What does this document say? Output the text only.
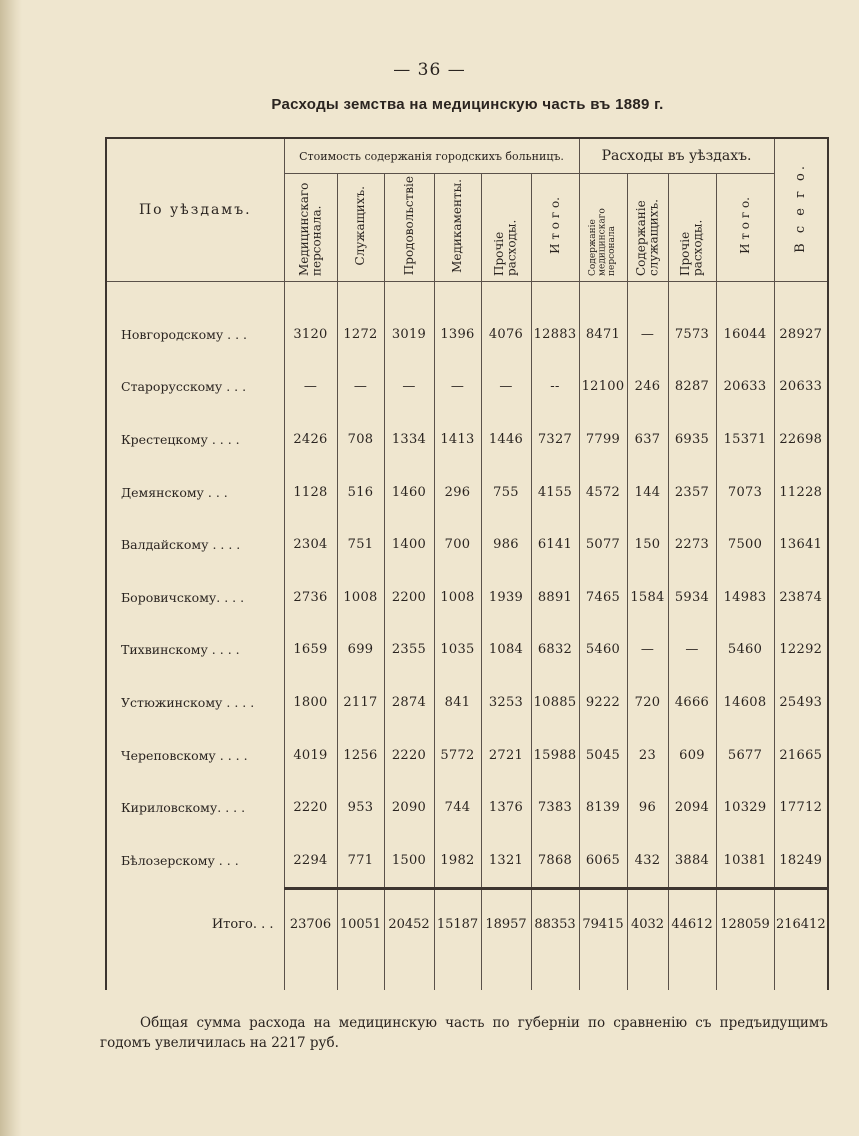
— 36 —
Расходы земства на медицинскую часть въ 1889 г.
По уѣздамъ.	Стоимость содержанія городскихъ больницъ.						Расходы въ уѣздахъ.				В с е г о.
	Медицинскаго персонала.	Служащихъ.	Продовольствіе	Медикаменты.	Прочіе расходы.	И т о г о.	Содержаніе медицинскаго персонала	Содержаніе служащихъ.	Прочіе расходы.	И т о г о.	

Новгородскому . . .	3120	1272	3019	1396	4076	12883	8471	—	7573	16044	28927
Старорусскому . . .	—	—	—	—	—	--	12100	246	8287	20633	20633
Крестецкому . . . .	2426	708	1334	1413	1446	7327	7799	637	6935	15371	22698
Демянскому . . .	1128	516	1460	296	755	4155	4572	144	2357	7073	11228
Валдайскому . . . .	2304	751	1400	700	986	6141	5077	150	2273	7500	13641
Боровичскому. . . .	2736	1008	2200	1008	1939	8891	7465	1584	5934	14983	23874
Тихвинскому . . . .	1659	699	2355	1035	1084	6832	5460	—	—	5460	12292
Устюжинскому . . . .	1800	2117	2874	841	3253	10885	9222	720	4666	14608	25493
Череповскому . . . .	4019	1256	2220	5772	2721	15988	5045	23	609	5677	21665
Кириловскому. . . .	2220	953	2090	744	1376	7383	8139	96	2094	10329	17712
Бѣлозерскому . . .	2294	771	1500	1982	1321	7868	6065	432	3884	10381	18249

Итого. . .	23706	10051	20452	15187	18957	88353	79415	4032	44612	128059	216412

Общая сумма расхода на медицинскую часть по губерніи по сравненію съ предъидущимъ годомъ увеличилась на 2217 руб.
